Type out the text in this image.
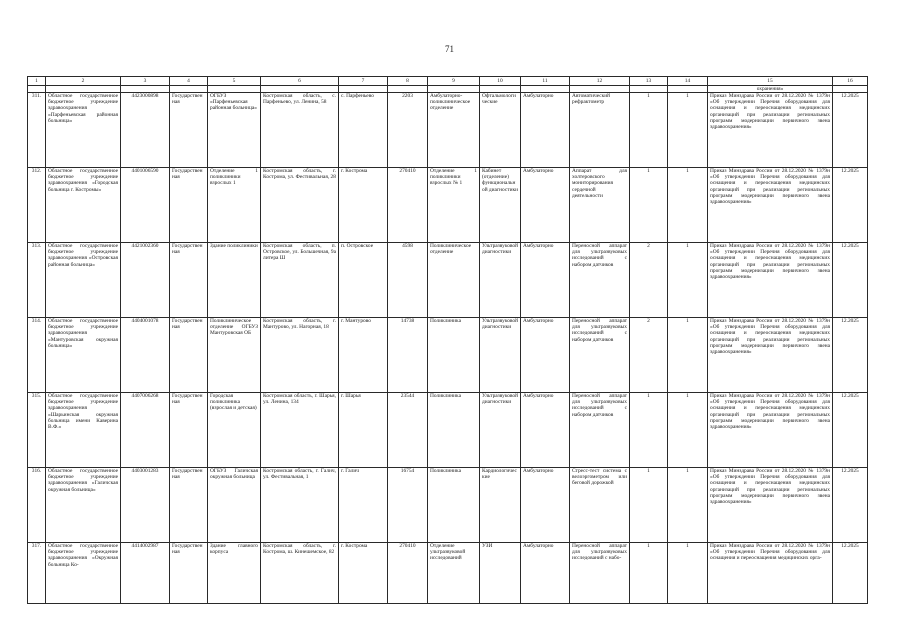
71
1	2	3	4	5	6	7	8	9	10	11	12	13	14	15	16
														охранения»	

311.	Областное государственное бюджетное учреждение здравоохранения «Парфеньевская районная больница»	4423000898	Государственная	ОГБУЗ «Парфеньевская районная больница»	Костромская область, с. Парфеньево, ул. Ленина, 58	с. Парфеньево	2203	Амбулаторно-поликлиническое отделение	Офтальмологические	Амбулаторно	Автоматический рефрактометр	1	1	Приказ Минздрава России от 28.12.2020 № 1379н «Об утверждении Перечня оборудования для оснащения и переоснащения медицинских организаций при реализации региональных программ модернизации первичного звена здравоохранения»	12.2025

312.	Областное государственное бюджетное учреждение здравоохранения «Городская больница г. Костромы»	4401006590	Государственная	Отделение 1 поликлиники взрослых 1	Костромская область, г. Кострома, ул. Фестивальная, 28	г. Кострома	270410	Отделение 1 поликлиники взрослых № 1	Кабинет (отделение) функциональной диагностики	Амбулаторно	Аппарат для холтеровского мониторирования сердечной деятельности	1	1	Приказ Минздрава России от 28.12.2020 № 1379н «Об утверждении Перечня оборудования для оснащения и переоснащения медицинских организаций при реализации региональных программ модернизации первичного звена здравоохранения»	12.2025

313.	Областное государственное бюджетное учреждение здравоохранения «Островская районная больница»	4421002360	Государственная	Здание поликлиники	Костромская область, п. Островское, ул. Большечная, 9а литера Ш	п. Островское	4598	Поликлиническое отделение	Ультразвуковой диагностики	Амбулаторно	Переносной аппарат для ультразвуковых исследований с набором датчиков	2	1	Приказ Минздрава России от 28.12.2020 № 1379н «Об утверждении Перечня оборудования для оснащения и переоснащения медицинских организаций при реализации региональных программ модернизации первичного звена здравоохранения»	12.2025

314.	Областное государственное бюджетное учреждение здравоохранения «Мантуровская окружная больница»	4404001078	Государственная	Поликлиническое отделение ОГБУЗ Мантуровская ОБ	Костромская область, г. Мантурово, ул. Нагорная, 18	г. Мантурово	14738	Поликлиника	Ультразвуковой диагностики	Амбулаторно	Переносной аппарат для ультразвуковых исследований с набором датчиков	2	1	Приказ Минздрава России от 28.12.2020 № 1379н «Об утверждении Перечня оборудования для оснащения и переоснащения медицинских организаций при реализации региональных программ модернизации первичного звена здравоохранения»	12.2025

315.	Областное государственное бюджетное учреждение здравоохранения «Шарьинская окружная больница имени Каверина В.Ф.»	4407006268	Государственная	Городская поликлиника (взрослая и детская)	Костромская область, г. Шарья, ул. Ленина, 134	г. Шарья	23544	Поликлиника	Ультразвуковой диагностики	Амбулаторно	Переносной аппарат для ультразвуковых исследований с набором датчиков	1	1	Приказ Минздрава России от 28.12.2020 № 1379н «Об утверждении Перечня оборудования для оснащения и переоснащения медицинских организаций при реализации региональных программ модернизации первичного звена здравоохранения»	12.2025

316.	Областное государственное бюджетное учреждение здравоохранения «Галичская окружная больница»	4403001283	Государственная	ОГБУЗ Галичская окружная больница	Костромская область, г. Галич, ул. Фестивальная, 1	г. Галич	16754	Поликлиника	Кардиологические	Амбулаторно	Стресс-тест система с велоэргометром или беговой дорожкой	1	1	Приказ Минздрава России от 28.12.2020 № 1379н «Об утверждении Перечня оборудования для оснащения и переоснащения медицинских организаций при реализации региональных программ модернизации первичного звена здравоохранения»	12.2025

317.	Областное государственное бюджетное учреждение здравоохранения «Окружная больница Ко-	4414002987	Государственная	Здание главного корпуса	Костромская область, г. Кострома, ш. Кинешемское, 82	г. Кострома	270410	Отделение ультразвуковой исследований	УЗИ	Амбулаторно	Переносной аппарат для ультразвуковых исследований с набо-	1	1	Приказ Минздрава России от 28.12.2020 № 1379н «Об утверждении Перечня оборудования для оснащения и переоснащения медицинских орга-	12.2025
